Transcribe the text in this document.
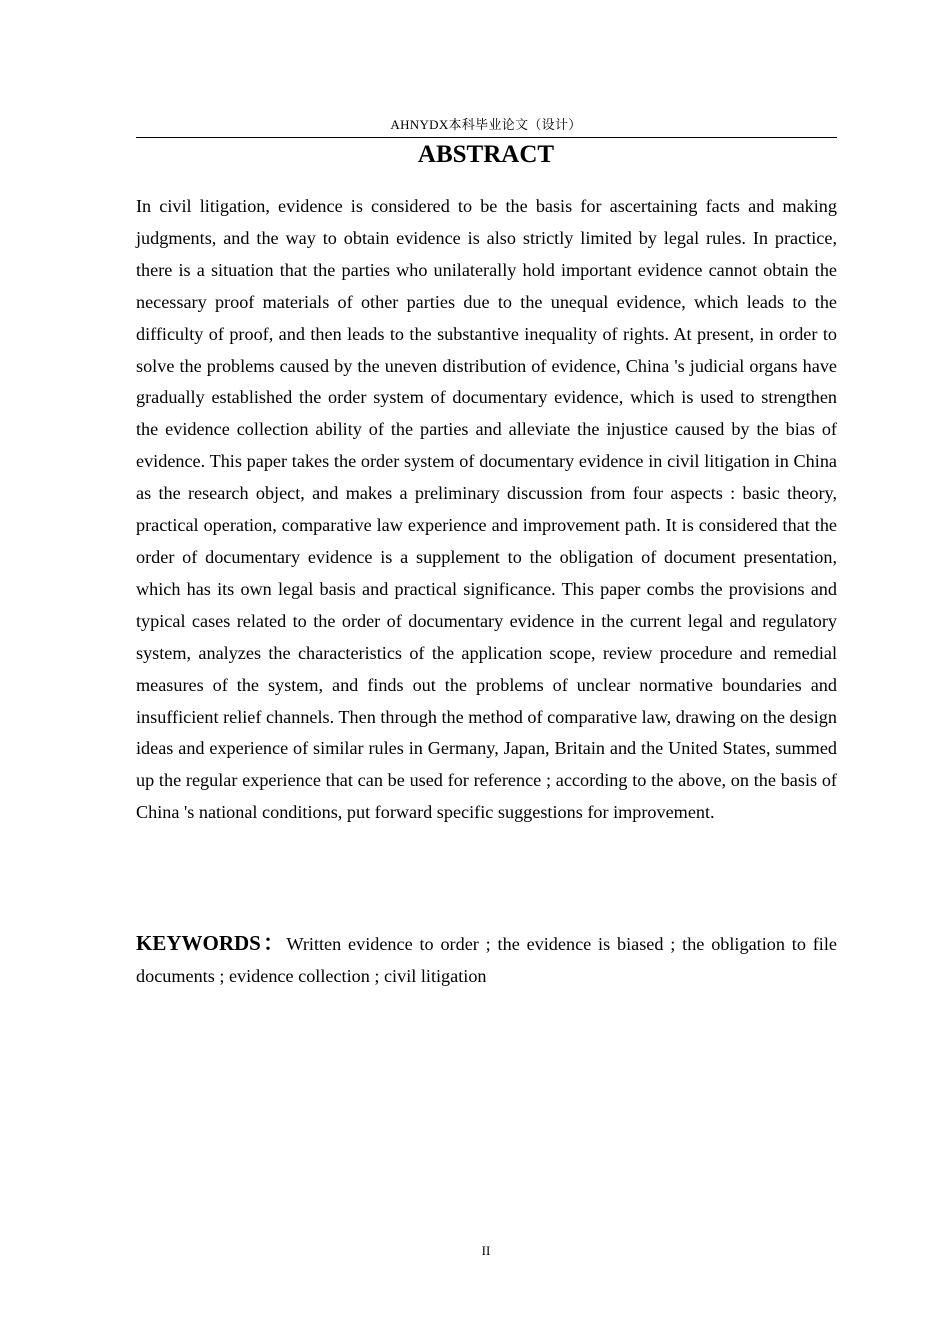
AHNYDX本科毕业论文（设计）
ABSTRACT

In civil litigation, evidence is considered to be the basis for ascertaining facts and making judgments, and the way to obtain evidence is also strictly limited by legal rules. In practice, there is a situation that the parties who unilaterally hold important evidence cannot obtain the necessary proof materials of other parties due to the unequal evidence, which leads to the difficulty of proof, and then leads to the substantive inequality of rights. At present, in order to solve the problems caused by the uneven distribution of evidence, China 's judicial organs have gradually established the order system of documentary evidence, which is used to strengthen the evidence collection ability of the parties and alleviate the injustice caused by the bias of evidence. This paper takes the order system of documentary evidence in civil litigation in China as the research object, and makes a preliminary discussion from four aspects : basic theory, practical operation, comparative law experience and improvement path. It is considered that the order of documentary evidence is a supplement to the obligation of document presentation, which has its own legal basis and practical significance. This paper combs the provisions and typical cases related to the order of documentary evidence in the current legal and regulatory system, analyzes the characteristics of the application scope, review procedure and remedial measures of the system, and finds out the problems of unclear normative boundaries and insufficient relief channels. Then through the method of comparative law, drawing on the design ideas and experience of similar rules in Germany, Japan, Britain and the United States, summed up the regular experience that can be used for reference ; according to the above, on the basis of China 's national conditions, put forward specific suggestions for improvement.

KEYWORDS：Written evidence to order ; the evidence is biased ; the obligation to file documents ; evidence collection ; civil litigation

II
